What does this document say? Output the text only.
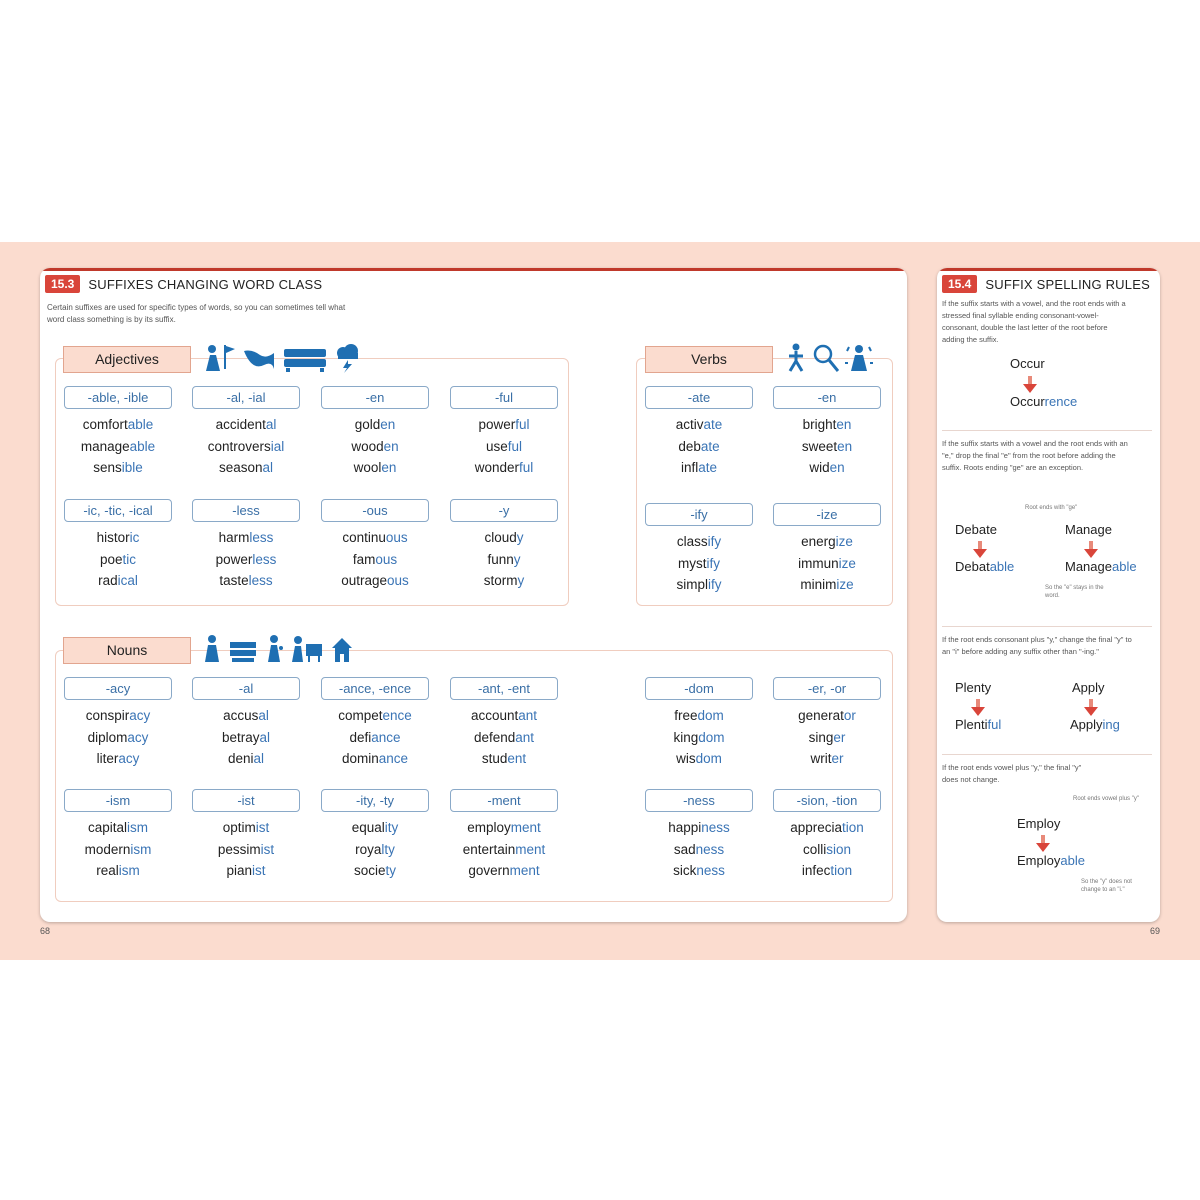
15.3	SUFFIXES CHANGING WORD CLASS
Certain suffixes are used for specific types of words, so you can sometimes tell what word class something is by its suffix.
Adjectives	Verbs
Nouns
-able, -ible
comfortable
manageable
sensible
-al, -ial
accidental
controversial
seasonal
-en
golden
wooden
woolen
-ful
powerful
useful
wonderful
-ic, -tic, -ical
historic
poetic
radical
-less
harmless
powerless
tasteless
-ous
continuous
famous
outrageous
-y
cloudy
funny
stormy
-ate
activate
debate
inflate
-en
brighten
sweeten
widen
-ify
classify
mystify
simplify
-ize
energize
immunize
minimize
-acy
conspiracy
diplomacy
literacy
-al
accusal
betrayal
denial
-ance, -ence
competence
defiance
dominance
-ant, -ent
accountant
defendant
student
-dom
freedom
kingdom
wisdom
-er, -or
generator
singer
writer
-ism
capitalism
modernism
realism
-ist
optimist
pessimist
pianist
-ity, -ty
equality
royalty
society
-ment
employment
entertainment
government
-ness
happiness
sadness
sickness
-sion, -tion
appreciation
collision
infection
68
15.4	SUFFIX SPELLING RULES
If the suffix starts with a vowel, and the root ends with a stressed final syllable ending consonant-vowel-consonant, double the last letter of the root before adding the suffix.
Occur
Occurrence
If the suffix starts with a vowel and the root ends with an "e," drop the final "e" from the root before adding the suffix. Roots ending "ge" are an exception.
Root ends with "ge"
Debate	Manage
Debatable	Manageable
So the "e" stays in the word.
If the root ends consonant plus "y," change the final "y" to an "i" before adding any suffix other than "-ing."
Plenty	Apply
Plentiful	Applying
If the root ends vowel plus "y," the final "y" does not change.
Root ends vowel plus "y"
Employ
Employable
So the "y" does not change to an "i."
69
